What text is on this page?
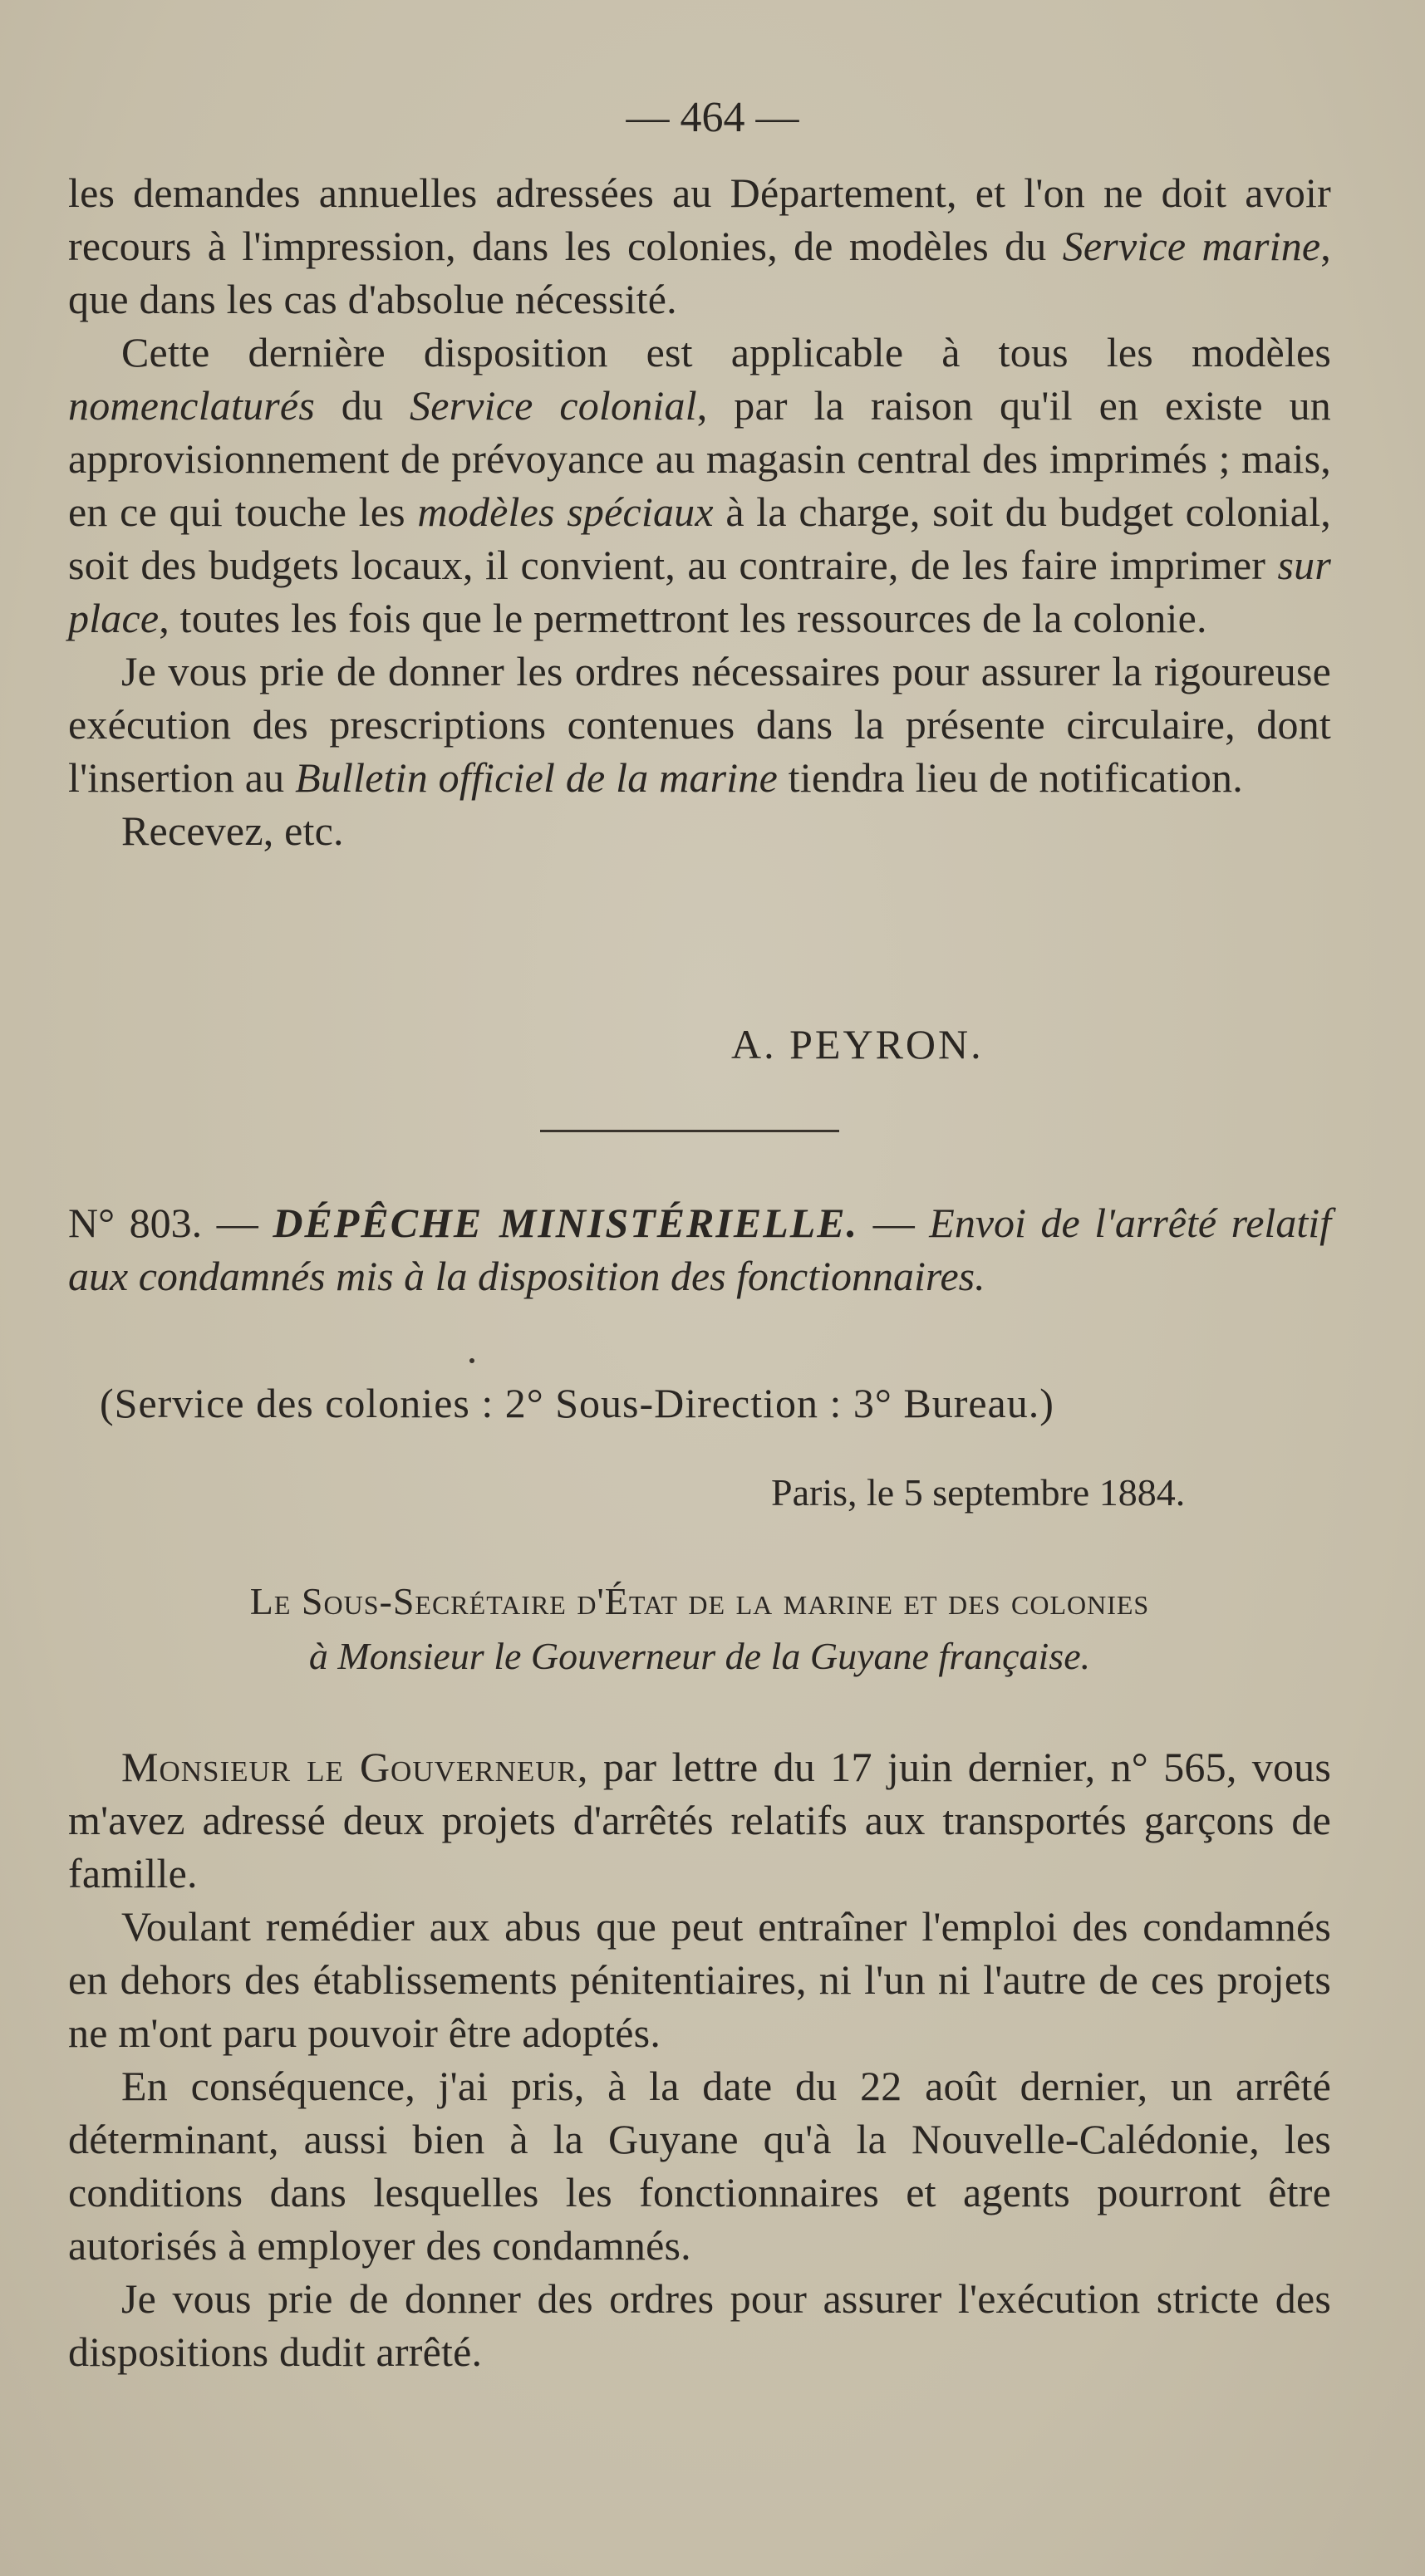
— 464 —

les demandes annuelles adressées au Département, et l'on ne doit avoir recours à l'impression, dans les colonies, de modèles du Service marine, que dans les cas d'absolue nécessité.

Cette dernière disposition est applicable à tous les modèles nomenclaturés du Service colonial, par la raison qu'il en existe un approvisionnement de prévoyance au magasin central des imprimés ; mais, en ce qui touche les modèles spéciaux à la charge, soit du budget colonial, soit des budgets locaux, il convient, au contraire, de les faire imprimer sur place, toutes les fois que le permettront les ressources de la colonie.

Je vous prie de donner les ordres nécessaires pour assurer la rigoureuse exécution des prescriptions contenues dans la présente circulaire, dont l'insertion au Bulletin officiel de la marine tiendra lieu de notification.

Recevez, etc.

A. PEYRON.

N° 803. — DÉPÊCHE MINISTÉRIELLE. — Envoi de l'arrêté relatif aux condamnés mis à la disposition des fonctionnaires.

(Service des colonies : 2° Sous-Direction : 3° Bureau.)
Paris, le 5 septembre 1884.
Le Sous-Secrétaire d'État de la marine et des colonies
à Monsieur le Gouverneur de la Guyane française.

Monsieur le Gouverneur, par lettre du 17 juin dernier, n° 565, vous m'avez adressé deux projets d'arrêtés relatifs aux transportés garçons de famille.

Voulant remédier aux abus que peut entraîner l'emploi des condamnés en dehors des établissements pénitentiaires, ni l'un ni l'autre de ces projets ne m'ont paru pouvoir être adoptés.

En conséquence, j'ai pris, à la date du 22 août dernier, un arrêté déterminant, aussi bien à la Guyane qu'à la Nouvelle-Calédonie, les conditions dans lesquelles les fonctionnaires et agents pourront être autorisés à employer des condamnés.

Je vous prie de donner des ordres pour assurer l'exécution stricte des dispositions dudit arrêté.
